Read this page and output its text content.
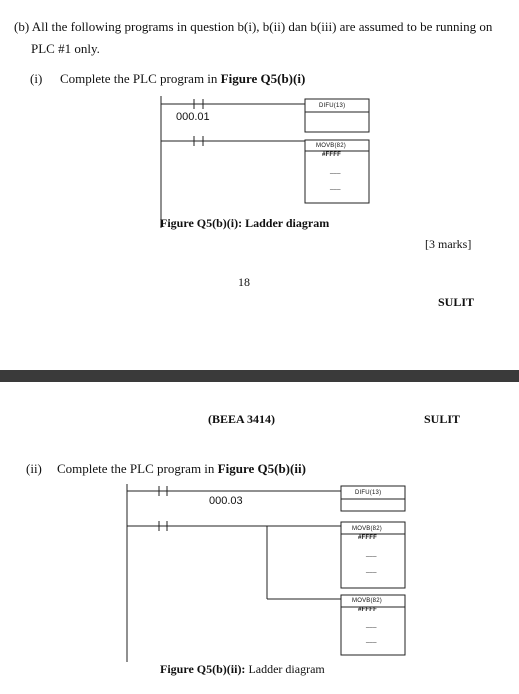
(b) All the following programs in question b(i), b(ii) dan b(iii) are assumed to be running on
PLC #1 only.
(i) Complete the PLC program in Figure Q5(b)(i)
000.01
DIFU(13)
MOVB(82)
#FFFF
___
___
Figure Q5(b)(i): Ladder diagram
[3 marks]
18
SULIT
(BEEA 3414)	SULIT
(ii) Complete the PLC program in Figure Q5(b)(ii)
000.03
DIFU(13)
MOVB(82)
#FFFF
___
___
MOVB(82)
#FFFF
___
___
Figure Q5(b)(ii): Ladder diagram
